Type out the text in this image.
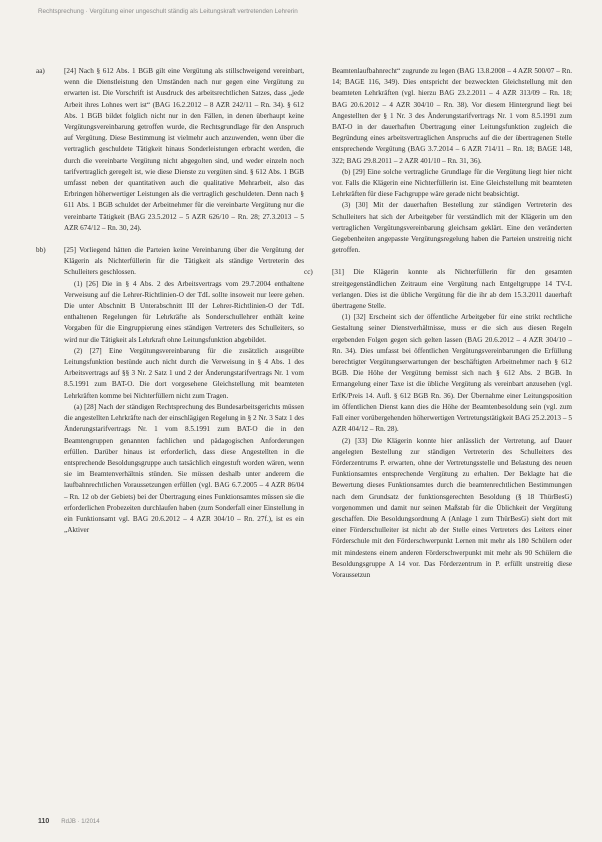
Rechtsprechung · Vergütung einer ungeschult ständig als Leitungskraft vertretenden Lehrerin
aa)	[24] Nach § 612 Abs. 1 BGB gilt eine Vergütung als stillschweigend vereinbart, wenn die Dienstleistung den Umständen nach nur gegen eine Vergütung zu erwarten ist. Die Vorschrift ist Ausdruck des arbeitsrechtlichen Satzes, dass „jede Arbeit ihres Lohnes wert ist“ (BAG 16.2.2012 – 8 AZR 242/11 – Rn. 34). § 612 Abs. 1 BGB bildet folglich nicht nur in den Fällen, in denen überhaupt keine Vergütungsvereinbarung getroffen wurde, die Rechtsgrundlage für den Anspruch auf Vergütung. Diese Bestimmung ist vielmehr auch anzuwenden, wenn über die vertraglich geschuldete Tätigkeit hinaus Sonderleistungen erbracht werden, die durch die vereinbarte Vergütung nicht abgegolten sind, und weder einzeln noch tarifvertraglich geregelt ist, wie diese Dienste zu vergüten sind. § 612 Abs. 1 BGB umfasst neben der quantitativen auch die qualitative Mehrarbeit, also das Erbringen höherwertiger Leistungen als die vertraglich geschuldeten. Denn nach § 611 Abs. 1 BGB schuldet der Arbeitnehmer für die vereinbarte Vergütung nur die vereinbarte Tätigkeit (BAG 23.5.2012 – 5 AZR 626/10 – Rn. 28; 27.3.2013 – 5 AZR 674/12 – Rn. 30, 24).

bb)	[25] Vorliegend hätten die Parteien keine Vereinbarung über die Vergütung der Klägerin als Nichterfüllerin für die Tätigkeit als ständige Vertreterin des Schulleiters geschlossen.

(1) [26] Die in § 4 Abs. 2 des Arbeitsvertrags vom 29.7.2004 enthaltene Verweisung auf die Lehrer-Richtlinien-O der TdL sollte insoweit nur leere gehen. Die unter Abschnitt B Unterabschnitt III der Lehrer-Richtlinien-O der TdL enthaltenen Regelungen für Lehrkräfte als Sonderschullehrer enthält keine Vorgaben für die Eingruppierung eines ständigen Vertreters des Schulleiters, so wird nur die Tätigkeit als Lehrkraft ohne Leitungsfunktion abgebildet.

(2) [27] Eine Vergütungsvereinbarung für die zusätzlich ausgeübte Leitungsfunktion bestünde auch nicht durch die Verweisung in § 4 Abs. 1 des Arbeitsvertrags auf §§ 3 Nr. 2 Satz 1 und 2 der Änderungstarifvertrags Nr. 1 vom 8.5.1991 zum BAT-O. Die dort vorgesehene Gleichstellung mit beamteten Lehrkräften komme bei Nichterfüllern nicht zum Tragen.

(a) [28] Nach der ständigen Rechtsprechung des Bundesarbeitsgerichts müssen die angestellten Lehrkräfte nach der einschlägigen Regelung in § 2 Nr. 3 Satz 1 des Änderungstarifvertrags Nr. 1 vom 8.5.1991 zum BAT-O die in den Beamtengruppen genannten fachlichen und pädagogischen Anforderungen erfüllen. Darüber hinaus ist erforderlich, dass diese Angestellten in die entsprechende Besoldungsgruppe auch tatsächlich eingestuft worden wären, wenn sie im Beamtenverhältnis stünden. Sie müssen deshalb unter anderem die laufbahnrechtlichen Voraussetzungen erfüllen (vgl. BAG 6.7.2005 – 4 AZR 86/04 – Rn. 12 ob der Gebiets) bei der Übertragung eines Funktionsamtes müssen sie die erforderlichen Probezeiten durchlaufen haben (zum Sonderfall einer Einstellung in ein Funktionsamt vgl. BAG 20.6.2012 – 4 AZR 304/10 – Rn. 27f.), ist es ein „Aktiver

Beamtenlaufbahnrecht“ zugrunde zu legen (BAG 13.8.2008 – 4 AZR 500/07 – Rn. 14; BAGE 116, 349). Dies entspricht der bezweckten Gleichstellung mit den beamteten Lehrkräften (vgl. hierzu BAG 23.2.2011 – 4 AZR 313/09 – Rn. 18; BAG 20.6.2012 – 4 AZR 304/10 – Rn. 38). Vor diesem Hintergrund liegt bei Angestellten der § 1 Nr. 3 des Änderungstarifvertrags Nr. 1 vom 8.5.1991 zum BAT-O in der dauerhaften Übertragung einer Leitungsfunktion zugleich die Begründung eines arbeitsvertraglichen Anspruchs auf die der übertragenen Stelle entsprechende Vergütung (BAG 3.7.2014 – 6 AZR 714/11 – Rn. 18; BAGE 148, 322; BAG 29.8.2011 – 2 AZR 401/10 – Rn. 31, 36).

(b) [29] Eine solche vertragliche Grundlage für die Vergütung liegt hier nicht vor. Falls die Klägerin eine Nichterfüllerin ist. Eine Gleichstellung mit beamteten Lehrkräften für diese Fachgruppe wäre gerade nicht beabsichtigt.

(3) [30] Mit der dauerhaften Bestellung zur ständigen Vertreterin des Schulleiters hat sich der Arbeitgeber für verständlich mit der Klägerin um den vertraglichen Vergütungsvereinbarung gleichsam geklärt. Eine den veränderten Gegebenheiten angepasste Vergütungsregelung haben die Parteien unstreitig nicht getroffen.

cc)	[31] Die Klägerin konnte als Nichterfüllerin für den gesamten streitgegenständlichen Zeitraum eine Vergütung nach Entgeltgruppe 14 TV-L verlangen. Dies ist die übliche Vergütung für die ihr ab dem 15.3.2011 dauerhaft übertragene Stelle.

(1) [32] Erscheint sich der öffentliche Arbeitgeber für eine strikt rechtliche Gestaltung seiner Dienstverhältnisse, muss er die sich aus diesen Regeln ergebenden Folgen gegen sich gelten lassen (BAG 20.6.2012 – 4 AZR 304/10 – Rn. 34). Dies umfasst bei öffentlichen Vergütungsvereinbarungen die Erfüllung berechtigter Vergütungserwartungen der beschäftigten Arbeitnehmer nach § 612 BGB. Die Höhe der Vergütung bemisst sich nach § 612 Abs. 2 BGB. In Ermangelung einer Taxe ist die übliche Vergütung als vereinbart anzusehen (vgl. ErfK/Preis 14. Aufl. § 612 BGB Rn. 36). Der Übernahme einer Leitungsposition im öffentlichen Dienst kann dies die Höhe der Beamtenbesoldung sein (vgl. zum Fall einer vorübergehenden höherwertigen Vertretungstätigkeit BAG 25.2.2013 – 5 AZR 404/12 – Rn. 28).

(2) [33] Die Klägerin konnte hier anlässlich der Vertretung, auf Dauer angelegten Bestellung zur ständigen Vertreterin des Schulleiters des Förderzentrums P. erwarten, ohne der Vertretungsstelle und Belastung des neuen Funktionsamtes entsprechende Vergütung zu erhalten. Der Beklagte hat die Bewertung dieses Funktionsamtes durch die beamtenrechtlichen Bestimmungen nach dem Grundsatz der funktionsgerechten Besoldung (§ 18 ThürBesG) vorgenommen und damit nur seinen Maßstab für die Üblichkeit der Vergütung geschaffen. Die Besoldungsordnung A (Anlage 1 zum ThürBesG) sieht dort mit einer Förderschulleiter ist nicht ab der Stelle eines Vertreters des Leiters einer Förderschule mit den Förderschwerpunkt Lernen mit mehr als 180 Schülern oder mit mindestens einem anderen Förderschwerpunkt mit mehr als 90 Schülern die Besoldungsgruppe A 14 vor. Das Förderzentrum in P. erfüllt unstreitig diese Voraussetzun

110 RdJB · 1/2014
